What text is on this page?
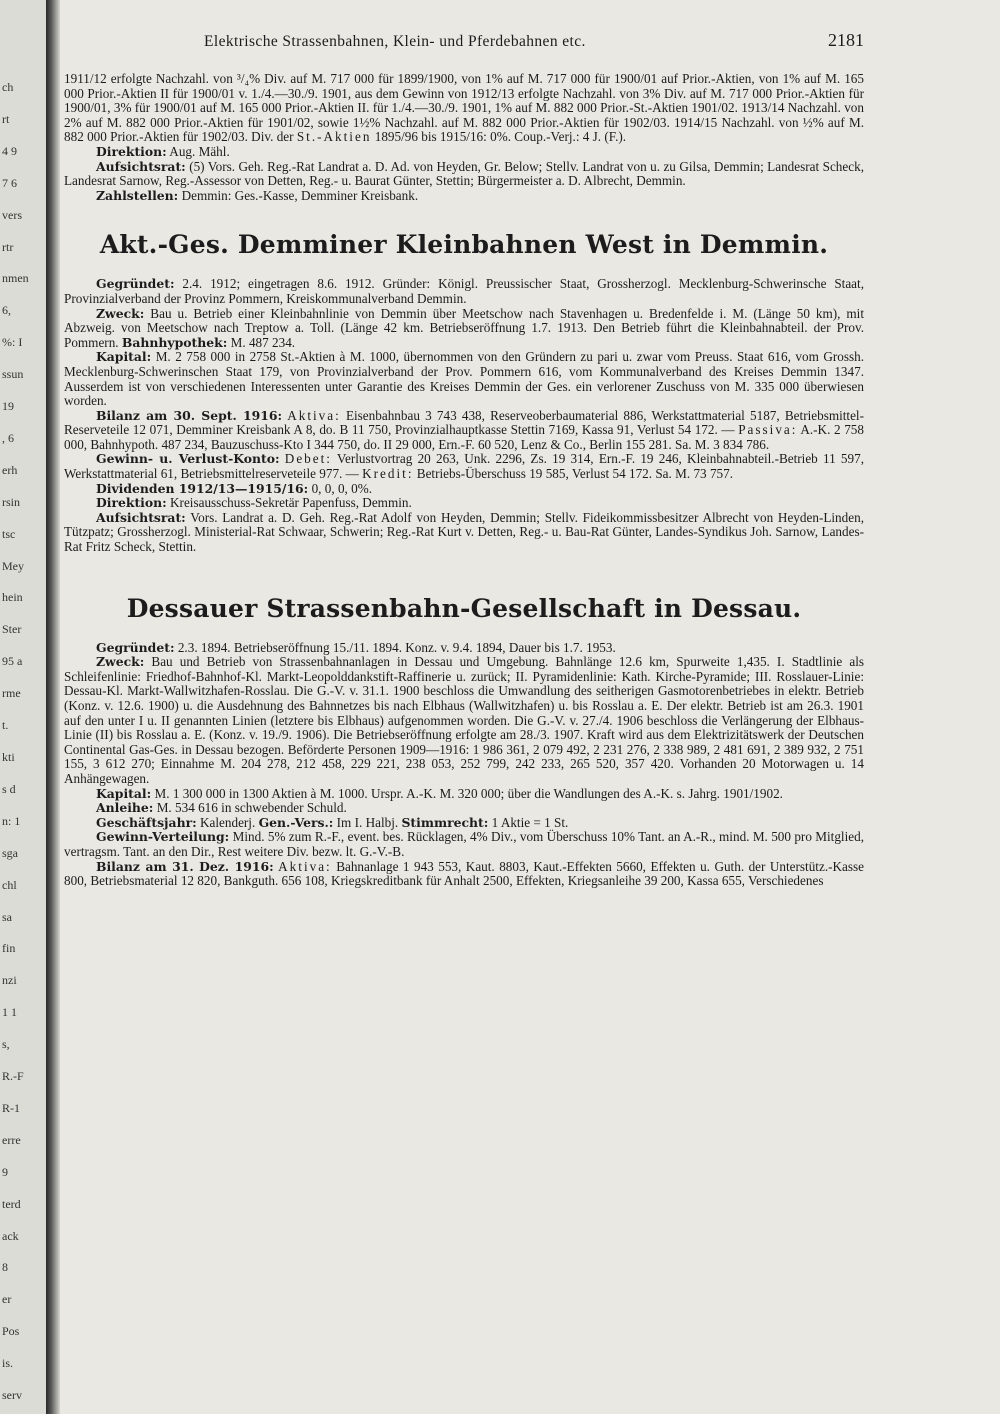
ch
rt
4 9
7 6
vers
rtr
nmen
6,
%: I
ssun
19
, 6
erh
rsin
tsc
Mey
hein
Ster
95 a
rme
t.
kti
s d
n: 1
sga
chl
sa
fin
nzi
1 1
s,
R.-F
R-1
erre
9
terd
ack
8
er
Pos
is.
serv
Elektrische Strassenbahnen, Klein- und Pferdebahnen etc.	2181

1911/12 erfolgte Nachzahl. von ³/₄% Div. auf M. 717 000 für 1899/1900, von 1% auf M. 717 000 für 1900/01 auf Prior.-Aktien, von 1% auf M. 165 000 Prior.-Aktien II für 1900/01 v. 1./4.—30./9. 1901, aus dem Gewinn von 1912/13 erfolgte Nachzahl. von 3% Div. auf M. 717 000 Prior.-Aktien für 1900/01, 3% für 1900/01 auf M. 165 000 Prior.-Aktien II. für 1./4.—30./9. 1901, 1% auf M. 882 000 Prior.-St.-Aktien 1901/02. 1913/14 Nachzahl. von 2% auf M. 882 000 Prior.-Aktien für 1901/02, sowie 1½% Nachzahl. auf M. 882 000 Prior.-Aktien für 1902/03. 1914/15 Nachzahl. von ½% auf M. 882 000 Prior.-Aktien für 1902/03. Div. der St.-Aktien 1895/96 bis 1915/16: 0%. Coup.-Verj.: 4 J. (F.).

Direktion: Aug. Mähl.

Aufsichtsrat: (5) Vors. Geh. Reg.-Rat Landrat a. D. Ad. von Heyden, Gr. Below; Stellv. Landrat von u. zu Gilsa, Demmin; Landesrat Scheck, Landesrat Sarnow, Reg.-Assessor von Detten, Reg.- u. Baurat Günter, Stettin; Bürgermeister a. D. Albrecht, Demmin.

Zahlstellen: Demmin: Ges.-Kasse, Demminer Kreisbank.

Akt.-Ges. Demminer Kleinbahnen West in Demmin.

Gegründet: 2.4. 1912; eingetragen 8.6. 1912. Gründer: Königl. Preussischer Staat, Grossherzogl. Mecklenburg-Schwerinsche Staat, Provinzialverband der Provinz Pommern, Kreiskommunalverband Demmin.

Zweck: Bau u. Betrieb einer Kleinbahnlinie von Demmin über Meetschow nach Stavenhagen u. Bredenfelde i. M. (Länge 50 km), mit Abzweig. von Meetschow nach Treptow a. Toll. (Länge 42 km. Betriebseröffnung 1.7. 1913. Den Betrieb führt die Kleinbahnabteil. der Prov. Pommern. Bahnhypothek: M. 487 234.

Kapital: M. 2 758 000 in 2758 St.-Aktien à M. 1000, übernommen von den Gründern zu pari u. zwar vom Preuss. Staat 616, vom Grossh. Mecklenburg-Schwerinschen Staat 179, von Provinzialverband der Prov. Pommern 616, vom Kommunalverband des Kreises Demmin 1347. Ausserdem ist von verschiedenen Interessenten unter Garantie des Kreises Demmin der Ges. ein verlorener Zuschuss von M. 335 000 überwiesen worden.

Bilanz am 30. Sept. 1916: Aktiva: Eisenbahnbau 3 743 438, Reserveoberbaumaterial 886, Werkstattmaterial 5187, Betriebsmittel-Reserveteile 12 071, Demminer Kreisbank A 8, do. B 11 750, Provinzialhauptkasse Stettin 7169, Kassa 91, Verlust 54 172. — Passiva: A.-K. 2 758 000, Bahnhypoth. 487 234, Bauzuschuss-Kto I 344 750, do. II 29 000, Ern.-F. 60 520, Lenz & Co., Berlin 155 281. Sa. M. 3 834 786.

Gewinn- u. Verlust-Konto: Debet: Verlustvortrag 20 263, Unk. 2296, Zs. 19 314, Ern.-F. 19 246, Kleinbahnabteil.-Betrieb 11 597, Werkstattmaterial 61, Betriebsmittelreserveteile 977. — Kredit: Betriebs-Überschuss 19 585, Verlust 54 172. Sa. M. 73 757.

Dividenden 1912/13—1915/16: 0, 0, 0, 0%.

Direktion: Kreisausschuss-Sekretär Papenfuss, Demmin.

Aufsichtsrat: Vors. Landrat a. D. Geh. Reg.-Rat Adolf von Heyden, Demmin; Stellv. Fideikommissbesitzer Albrecht von Heyden-Linden, Tützpatz; Grossherzogl. Ministerial-Rat Schwaar, Schwerin; Reg.-Rat Kurt v. Detten, Reg.- u. Bau-Rat Günter, Landes-Syndikus Joh. Sarnow, Landes-Rat Fritz Scheck, Stettin.

Dessauer Strassenbahn-Gesellschaft in Dessau.

Gegründet: 2.3. 1894. Betriebseröffnung 15./11. 1894. Konz. v. 9.4. 1894, Dauer bis 1.7. 1953.

Zweck: Bau und Betrieb von Strassenbahnanlagen in Dessau und Umgebung. Bahnlänge 12.6 km, Spurweite 1,435. I. Stadtlinie als Schleifenlinie: Friedhof-Bahnhof-Kl. Markt-Leopolddankstift-Raffinerie u. zurück; II. Pyramidenlinie: Kath. Kirche-Pyramide; III. Rosslauer-Linie: Dessau-Kl. Markt-Wallwitzhafen-Rosslau. Die G.-V. v. 31.1. 1900 beschloss die Umwandlung des seitherigen Gasmotorenbetriebes in elektr. Betrieb (Konz. v. 12.6. 1900) u. die Ausdehnung des Bahnnetzes bis nach Elbhaus (Wallwitzhafen) u. bis Rosslau a. E. Der elektr. Betrieb ist am 26.3. 1901 auf den unter I u. II genannten Linien (letztere bis Elbhaus) aufgenommen worden. Die G.-V. v. 27./4. 1906 beschloss die Verlängerung der Elbhaus-Linie (II) bis Rosslau a. E. (Konz. v. 19./9. 1906). Die Betriebseröffnung erfolgte am 28./3. 1907. Kraft wird aus dem Elektrizitätswerk der Deutschen Continental Gas-Ges. in Dessau bezogen. Beförderte Personen 1909—1916: 1 986 361, 2 079 492, 2 231 276, 2 338 989, 2 481 691, 2 389 932, 2 751 155, 3 612 270; Einnahme M. 204 278, 212 458, 229 221, 238 053, 252 799, 242 233, 265 520, 357 420. Vorhanden 20 Motorwagen u. 14 Anhängewagen.

Kapital: M. 1 300 000 in 1300 Aktien à M. 1000. Urspr. A.-K. M. 320 000; über die Wandlungen des A.-K. s. Jahrg. 1901/1902.

Anleihe: M. 534 616 in schwebender Schuld.

Geschäftsjahr: Kalenderj. Gen.-Vers.: Im I. Halbj. Stimmrecht: 1 Aktie = 1 St.

Gewinn-Verteilung: Mind. 5% zum R.-F., event. bes. Rücklagen, 4% Div., vom Überschuss 10% Tant. an A.-R., mind. M. 500 pro Mitglied, vertragsm. Tant. an den Dir., Rest weitere Div. bezw. lt. G.-V.-B.

Bilanz am 31. Dez. 1916: Aktiva: Bahnanlage 1 943 553, Kaut. 8803, Kaut.-Effekten 5660, Effekten u. Guth. der Unterstütz.-Kasse 800, Betriebsmaterial 12 820, Bankguth. 656 108, Kriegskreditbank für Anhalt 2500, Effekten, Kriegsanleihe 39 200, Kassa 655, Verschiedenes
